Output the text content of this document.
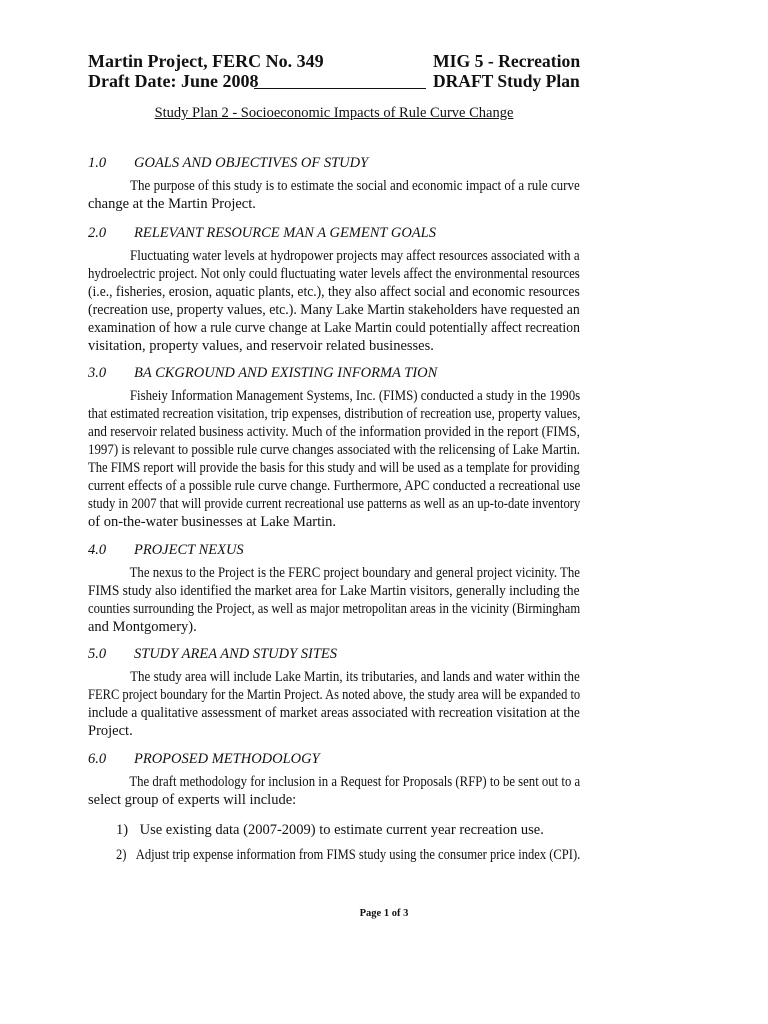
Martin Project, FERC No. 349	MIG 5 - Recreation
Draft Date: June 2008	DRAFT Study Plan
Study Plan 2 - Socioeconomic Impacts of Rule Curve Change
1.0 GOALS AND OBJECTIVES OF STUDY
The purpose of this study is to estimate the social and economic impact of a rule curve
change at the Martin Project.
2.0 RELEVANT RESOURCE MAN A GEMENT GOALS
Fluctuating water levels at hydropower projects may affect resources associated with a hydroelectric project. Not only could fluctuating water levels affect the environmental resources (i.e., fisheries, erosion, aquatic plants, etc.), they also affect social and economic resources (recreation use, property values, etc.). Many Lake Martin stakeholders have requested an examination of how a rule curve change at Lake Martin could potentially affect recreation
visitation, property values, and reservoir related businesses.
3.0 BA CKGROUND AND EXISTING INFORMA TION
Fisheiy Information Management Systems, Inc. (FIMS) conducted a study in the 1990s that estimated recreation visitation, trip expenses, distribution of recreation use, property values, and reservoir related business activity. Much of the information provided in the report (FIMS, 1997) is relevant to possible rule curve changes associated with the relicensing of Lake Martin. The FIMS report will provide the basis for this study and will be used as a template for providing current effects of a possible rule curve change. Furthermore, APC conducted a recreational use study in 2007 that will provide current recreational use patterns as well as an up-to-date inventory
of on-the-water businesses at Lake Martin.
4.0 PROJECT NEXUS
The nexus to the Project is the FERC project boundary and general project vicinity. The FIMS study also identified the market area for Lake Martin visitors, generally including the counties surrounding the Project, as well as major metropolitan areas in the vicinity (Birmingham
and Montgomery).
5.0 STUDY AREA AND STUDY SITES
The study area will include Lake Martin, its tributaries, and lands and water within the FERC project boundary for the Martin Project. As noted above, the study area will be expanded to include a qualitative assessment of market areas associated with recreation visitation at the
Project.
6.0 PROPOSED METHODOLOGY
The draft methodology for inclusion in a Request for Proposals (RFP) to be sent out to a
select group of experts will include:
1) Use existing data (2007-2009) to estimate current year recreation use.
2) Adjust trip expense information from FIMS study using the consumer price index (CPI).
Page 1 of 3
